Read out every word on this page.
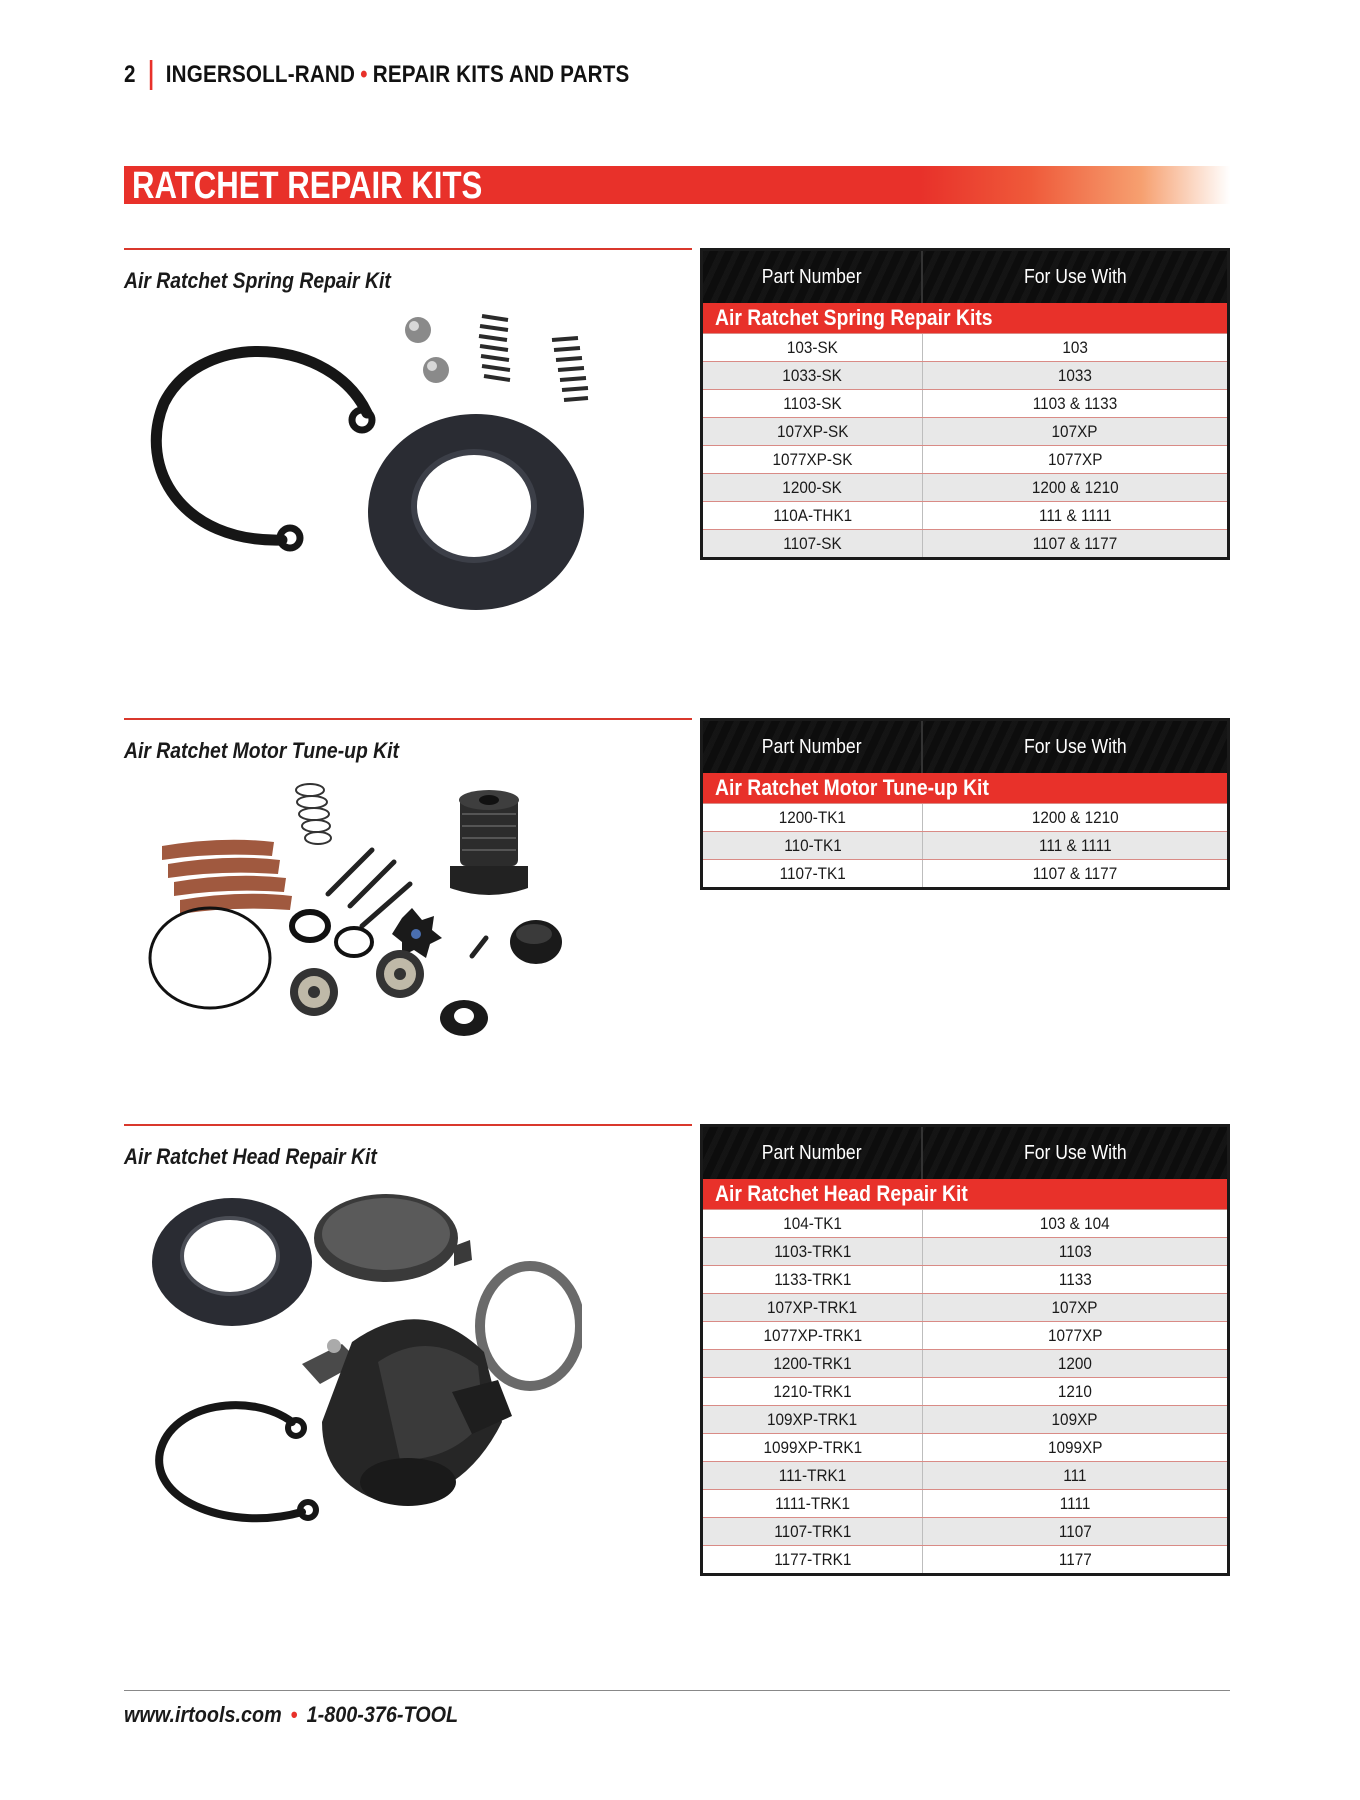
2 INGERSOLL-RAND • REPAIR KITS AND PARTS
RATCHET REPAIR KITS
Air Ratchet Spring Repair Kit	Part Number	For Use With
Air Ratchet Spring Repair Kits
103-SK	103
1033-SK	1033
1103-SK	1103 & 1133
107XP-SK	107XP
1077XP-SK	1077XP
1200-SK	1200 & 1210
110A-THK1	111 & 1111
1107-SK	1107 & 1177
Air Ratchet Motor Tune-up Kit	Part Number	For Use With
Air Ratchet Motor Tune-up Kit
1200-TK1	1200 & 1210
110-TK1	111 & 1111
1107-TK1	1107 & 1177
Air Ratchet Head Repair Kit	Part Number	For Use With
Air Ratchet Head Repair Kit
104-TK1	103 & 104
1103-TRK1	1103
1133-TRK1	1133
107XP-TRK1	107XP
1077XP-TRK1	1077XP
1200-TRK1	1200
1210-TRK1	1210
109XP-TRK1	109XP
1099XP-TRK1	1099XP
111-TRK1	111
1111-TRK1	1111
1107-TRK1	1107
1177-TRK1	1177
www.irtools.com • 1-800-376-TOOL
